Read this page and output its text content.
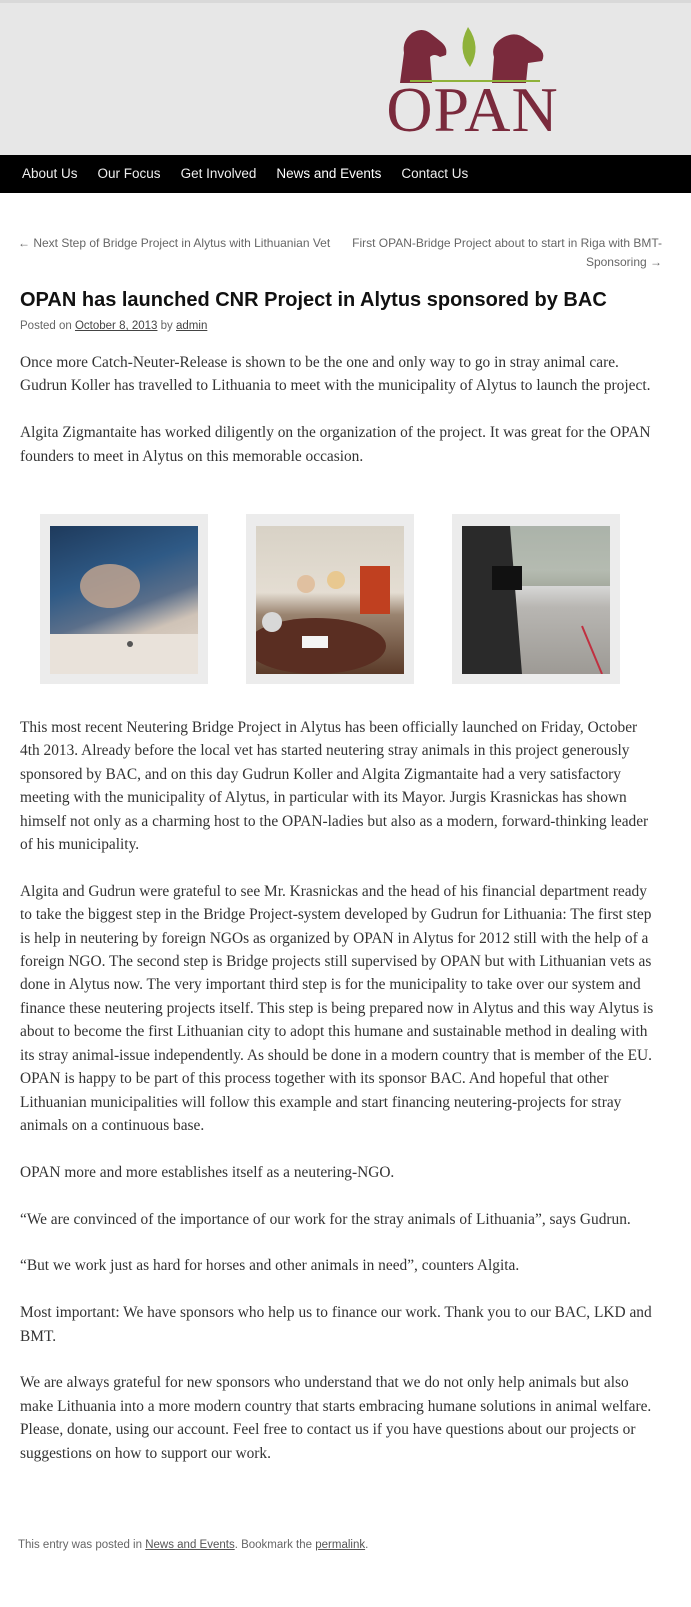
OPAN
About Us	Our Focus	Get Involved	News and Events	Contact Us
← Next Step of Bridge Project in Alytus with Lithuanian Vet	First OPAN-Bridge Project about to start in Riga with BMT-Sponsoring →
OPAN has launched CNR Project in Alytus sponsored by BAC
Posted on October 8, 2013 by admin

Once more Catch-Neuter-Release is shown to be the one and only way to go in stray animal care. Gudrun Koller has travelled to Lithuania to meet with the municipality of Alytus to launch the project.

Algita Zigmantaite has worked diligently on the organization of the project. It was great for the OPAN founders to meet in Alytus on this memorable occasion.

This most recent Neutering Bridge Project in Alytus has been officially launched on Friday, October 4th 2013. Already before the local vet has started neutering stray animals in this project generously sponsored by BAC, and on this day Gudrun Koller and Algita Zigmantaite had a very satisfactory meeting with the municipality of Alytus, in particular with its Mayor. Jurgis Krasnickas has shown himself not only as a charming host to the OPAN-ladies but also as a modern, forward-thinking leader of his municipality.

Algita and Gudrun were grateful to see Mr. Krasnickas and the head of his financial department ready to take the biggest step in the Bridge Project-system developed by Gudrun for Lithuania: The first step is help in neutering by foreign NGOs as organized by OPAN in Alytus for 2012 still with the help of a foreign NGO. The second step is Bridge projects still supervised by OPAN but with Lithuanian vets as done in Alytus now. The very important third step is for the municipality to take over our system and finance these neutering projects itself. This step is being prepared now in Alytus and this way Alytus is about to become the first Lithuanian city to adopt this humane and sustainable method in dealing with its stray animal-issue independently. As should be done in a modern country that is member of the EU.

OPAN is happy to be part of this process together with its sponsor BAC. And hopeful that other Lithuanian municipalities will follow this example and start financing neutering-projects for stray animals on a continuous base.

OPAN more and more establishes itself as a neutering-NGO.

“We are convinced of the importance of our work for the stray animals of Lithuania”, says Gudrun.

“But we work just as hard for horses and other animals in need”, counters Algita.

Most important: We have sponsors who help us to finance our work. Thank you to our BAC, LKD and BMT.

We are always grateful for new sponsors who understand that we do not only help animals but also make Lithuania into a more modern country that starts embracing humane solutions in animal welfare. Please, donate, using our account. Feel free to contact us if you have questions about our projects or suggestions on how to support our work.

This entry was posted in News and Events. Bookmark the permalink.
